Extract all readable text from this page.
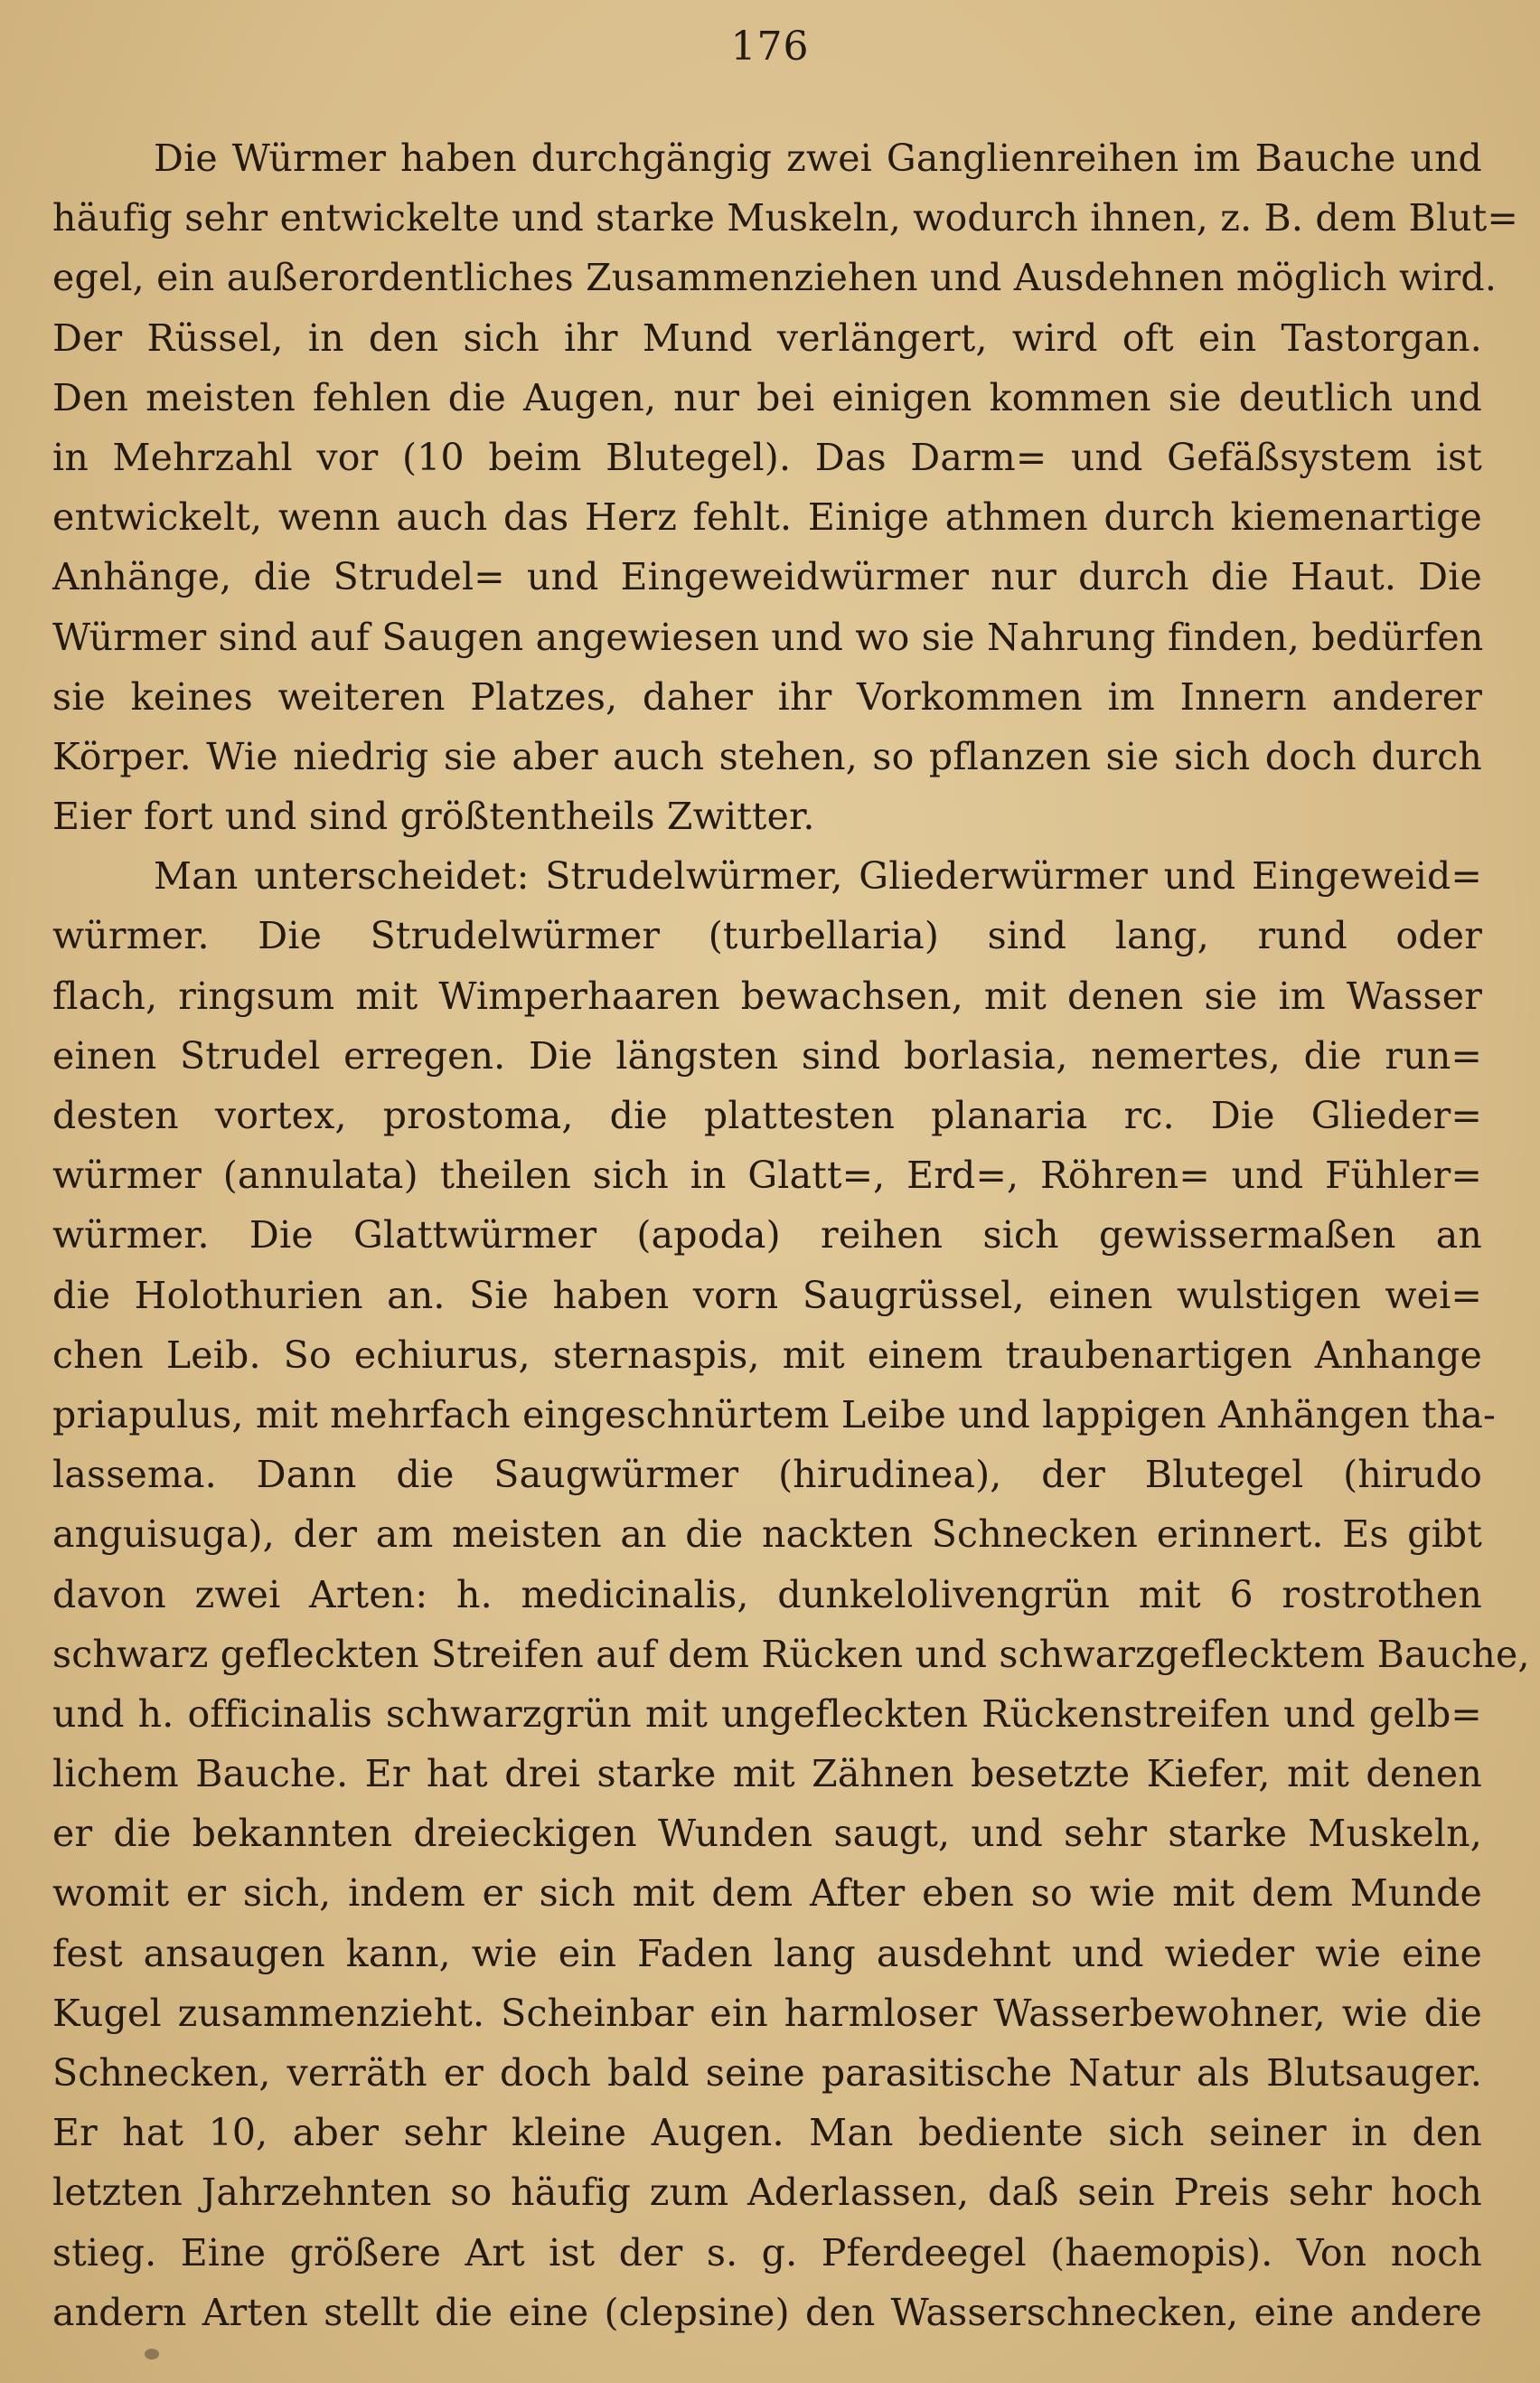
176
Die Würmer haben durchgängig zwei Ganglienreihen im Bauche und
häufig sehr entwickelte und starke Muskeln, wodurch ihnen, z. B. dem Blut=
egel, ein außerordentliches Zusammenziehen und Ausdehnen möglich wird.
Der Rüssel, in den sich ihr Mund verlängert, wird oft ein Tastorgan.
Den meisten fehlen die Augen, nur bei einigen kommen sie deutlich und
in Mehrzahl vor (10 beim Blutegel). Das Darm= und Gefäßsystem ist
entwickelt, wenn auch das Herz fehlt. Einige athmen durch kiemenartige
Anhänge, die Strudel= und Eingeweidwürmer nur durch die Haut. Die
Würmer sind auf Saugen angewiesen und wo sie Nahrung finden, bedürfen
sie keines weiteren Platzes, daher ihr Vorkommen im Innern anderer
Körper. Wie niedrig sie aber auch stehen, so pflanzen sie sich doch durch
Eier fort und sind größtentheils Zwitter.
Man unterscheidet: Strudelwürmer, Gliederwürmer und Eingeweid=
würmer. Die Strudelwürmer (turbellaria) sind lang, rund oder
flach, ringsum mit Wimperhaaren bewachsen, mit denen sie im Wasser
einen Strudel erregen. Die längsten sind borlasia, nemertes, die run=
desten vortex, prostoma, die plattesten planaria rc. Die Glieder=
würmer (annulata) theilen sich in Glatt=, Erd=, Röhren= und Fühler=
würmer. Die Glattwürmer (apoda) reihen sich gewissermaßen an
die Holothurien an. Sie haben vorn Saugrüssel, einen wulstigen wei=
chen Leib. So echiurus, sternaspis, mit einem traubenartigen Anhange
priapulus, mit mehrfach eingeschnürtem Leibe und lappigen Anhängen tha-
lassema. Dann die Saugwürmer (hirudinea), der Blutegel (hirudo
anguisuga), der am meisten an die nackten Schnecken erinnert. Es gibt
davon zwei Arten: h. medicinalis, dunkelolivengrün mit 6 rostrothen
schwarz gefleckten Streifen auf dem Rücken und schwarzgeflecktem Bauche,
und h. officinalis schwarzgrün mit ungefleckten Rückenstreifen und gelb=
lichem Bauche. Er hat drei starke mit Zähnen besetzte Kiefer, mit denen
er die bekannten dreieckigen Wunden saugt, und sehr starke Muskeln,
womit er sich, indem er sich mit dem After eben so wie mit dem Munde
fest ansaugen kann, wie ein Faden lang ausdehnt und wieder wie eine
Kugel zusammenzieht. Scheinbar ein harmloser Wasserbewohner, wie die
Schnecken, verräth er doch bald seine parasitische Natur als Blutsauger.
Er hat 10, aber sehr kleine Augen. Man bediente sich seiner in den
letzten Jahrzehnten so häufig zum Aderlassen, daß sein Preis sehr hoch
stieg. Eine größere Art ist der s. g. Pferdeegel (haemopis). Von noch
andern Arten stellt die eine (clepsine) den Wasserschnecken, eine andere
